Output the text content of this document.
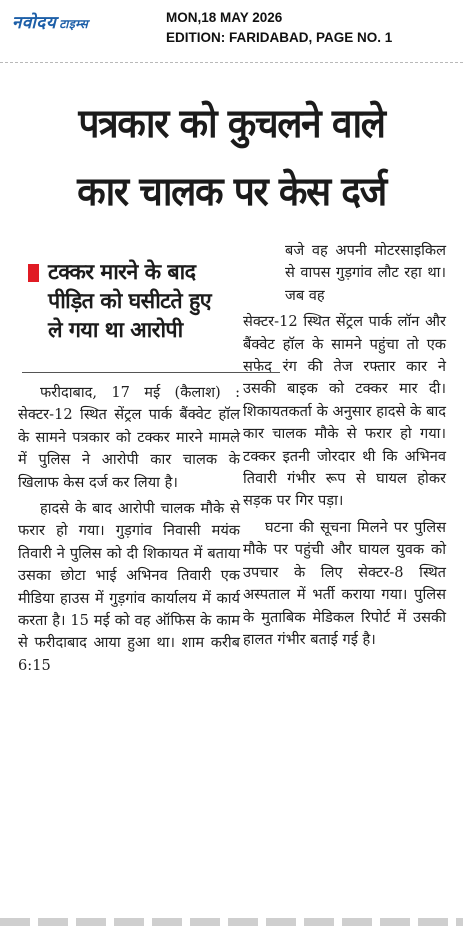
नवोदय टाइम्स	MON,18 MAY 2026
EDITION: FARIDABAD, PAGE NO. 1
पत्रकार को कुचलने वाले
कार चालक पर केस दर्ज
टक्कर मारने के बाद
पीड़ित को घसीटते हुए
ले गया था आरोपी

फरीदाबाद, 17 मई (कैलाश) : सेक्टर-12 स्थित सेंट्रल पार्क बैंक्वेट हॉल के सामने पत्रकार को टक्कर मारने मामले में पुलिस ने आरोपी कार चालक के खिलाफ केस दर्ज कर लिया है।

हादसे के बाद आरोपी चालक मौके से फरार हो गया। गुड़गांव निवासी मयंक तिवारी ने पुलिस को दी शिकायत में बताया उसका छोटा भाई अभिनव तिवारी एक मीडिया हाउस में गुड़गांव कार्यालय में कार्य करता है। 15 मई को वह ऑफिस के काम से फरीदाबाद आया हुआ था। शाम करीब 6:15

बजे वह अपनी मोटरसाइकिल से वापस गुड़गांव लौट रहा था। जब वह

सेक्टर-12 स्थित सेंट्रल पार्क लॉन और बैंक्वेट हॉल के सामने पहुंचा तो एक सफेद रंग की तेज रफ्तार कार ने उसकी बाइक को टक्कर मार दी। शिकायतकर्ता के अनुसार हादसे के बाद कार चालक मौके से फरार हो गया। टक्कर इतनी जोरदार थी कि अभिनव तिवारी गंभीर रूप से घायल होकर सड़क पर गिर पड़ा।

घटना की सूचना मिलने पर पुलिस मौके पर पहुंची और घायल युवक को उपचार के लिए सेक्टर-8 स्थित अस्पताल में भर्ती कराया गया। पुलिस के मुताबिक मेडिकल रिपोर्ट में उसकी हालत गंभीर बताई गई है।
